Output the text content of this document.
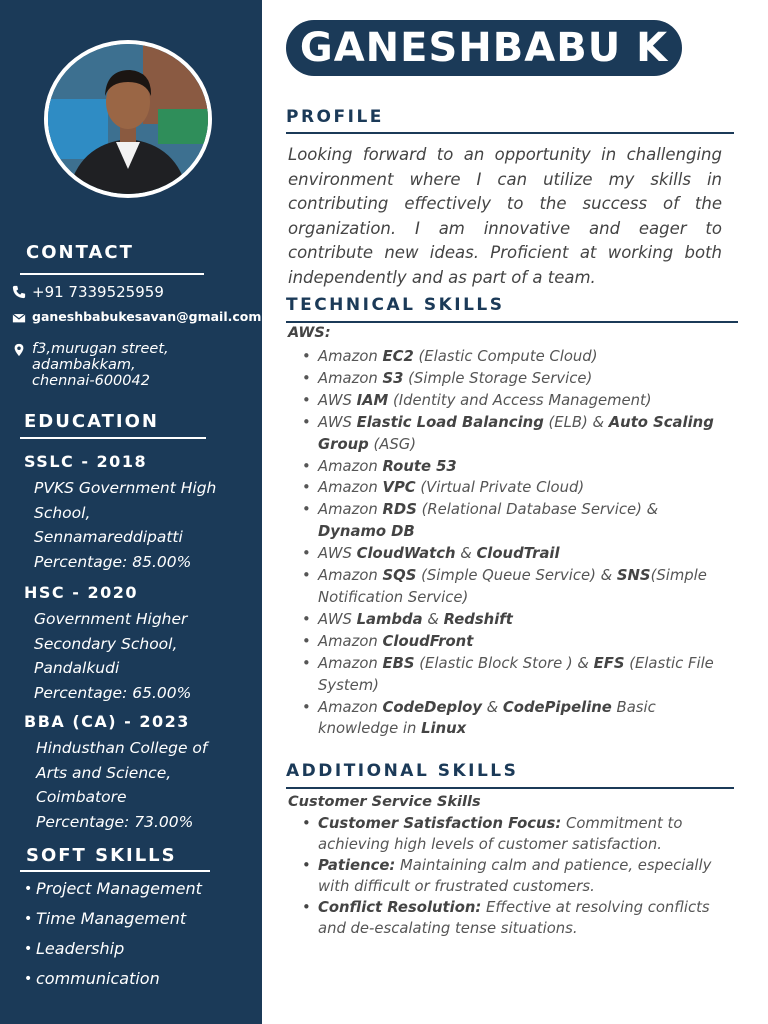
CONTACT
+91 7339525959
ganeshbabukesavan@gmail.com
f3,murugan street,
adambakkam,
chennai-600042
EDUCATION
SSLC - 2018
PVKS Government High
School,
Sennamareddipatti
Percentage: 85.00%
HSC - 2020
Government Higher
Secondary School,
Pandalkudi
Percentage: 65.00%
BBA (CA) - 2023
Hindusthan College of
Arts and Science,
Coimbatore
Percentage: 73.00%
SOFT SKILLS
• Project Management
• Time Management
• Leadership
• communication
GANESHBABU K
PROFILE
Looking forward to an opportunity in challenging environment where I can utilize my skills in contributing effectively to the success of the organization. I am innovative and eager to contribute new ideas. Proficient at working both independently and as part of a team.
TECHNICAL SKILLS
AWS:
• Amazon EC2 (Elastic Compute Cloud)
• Amazon S3 (Simple Storage Service)
• AWS IAM (Identity and Access Management)
• AWS Elastic Load Balancing (ELB) & Auto Scaling Group (ASG)
• Amazon Route 53
• Amazon VPC (Virtual Private Cloud)
• Amazon RDS (Relational Database Service) & Dynamo DB
• AWS CloudWatch & CloudTrail
• Amazon SQS (Simple Queue Service) & SNS(Simple Notification Service)
• AWS Lambda & Redshift
• Amazon CloudFront
• Amazon EBS (Elastic Block Store ) & EFS (Elastic File System)
• Amazon CodeDeploy & CodePipeline Basic knowledge in Linux
ADDITIONAL SKILLS
Customer Service Skills
• Customer Satisfaction Focus: Commitment to achieving high levels of customer satisfaction.
• Patience: Maintaining calm and patience, especially with difficult or frustrated customers.
• Conflict Resolution: Effective at resolving conflicts and de-escalating tense situations.
